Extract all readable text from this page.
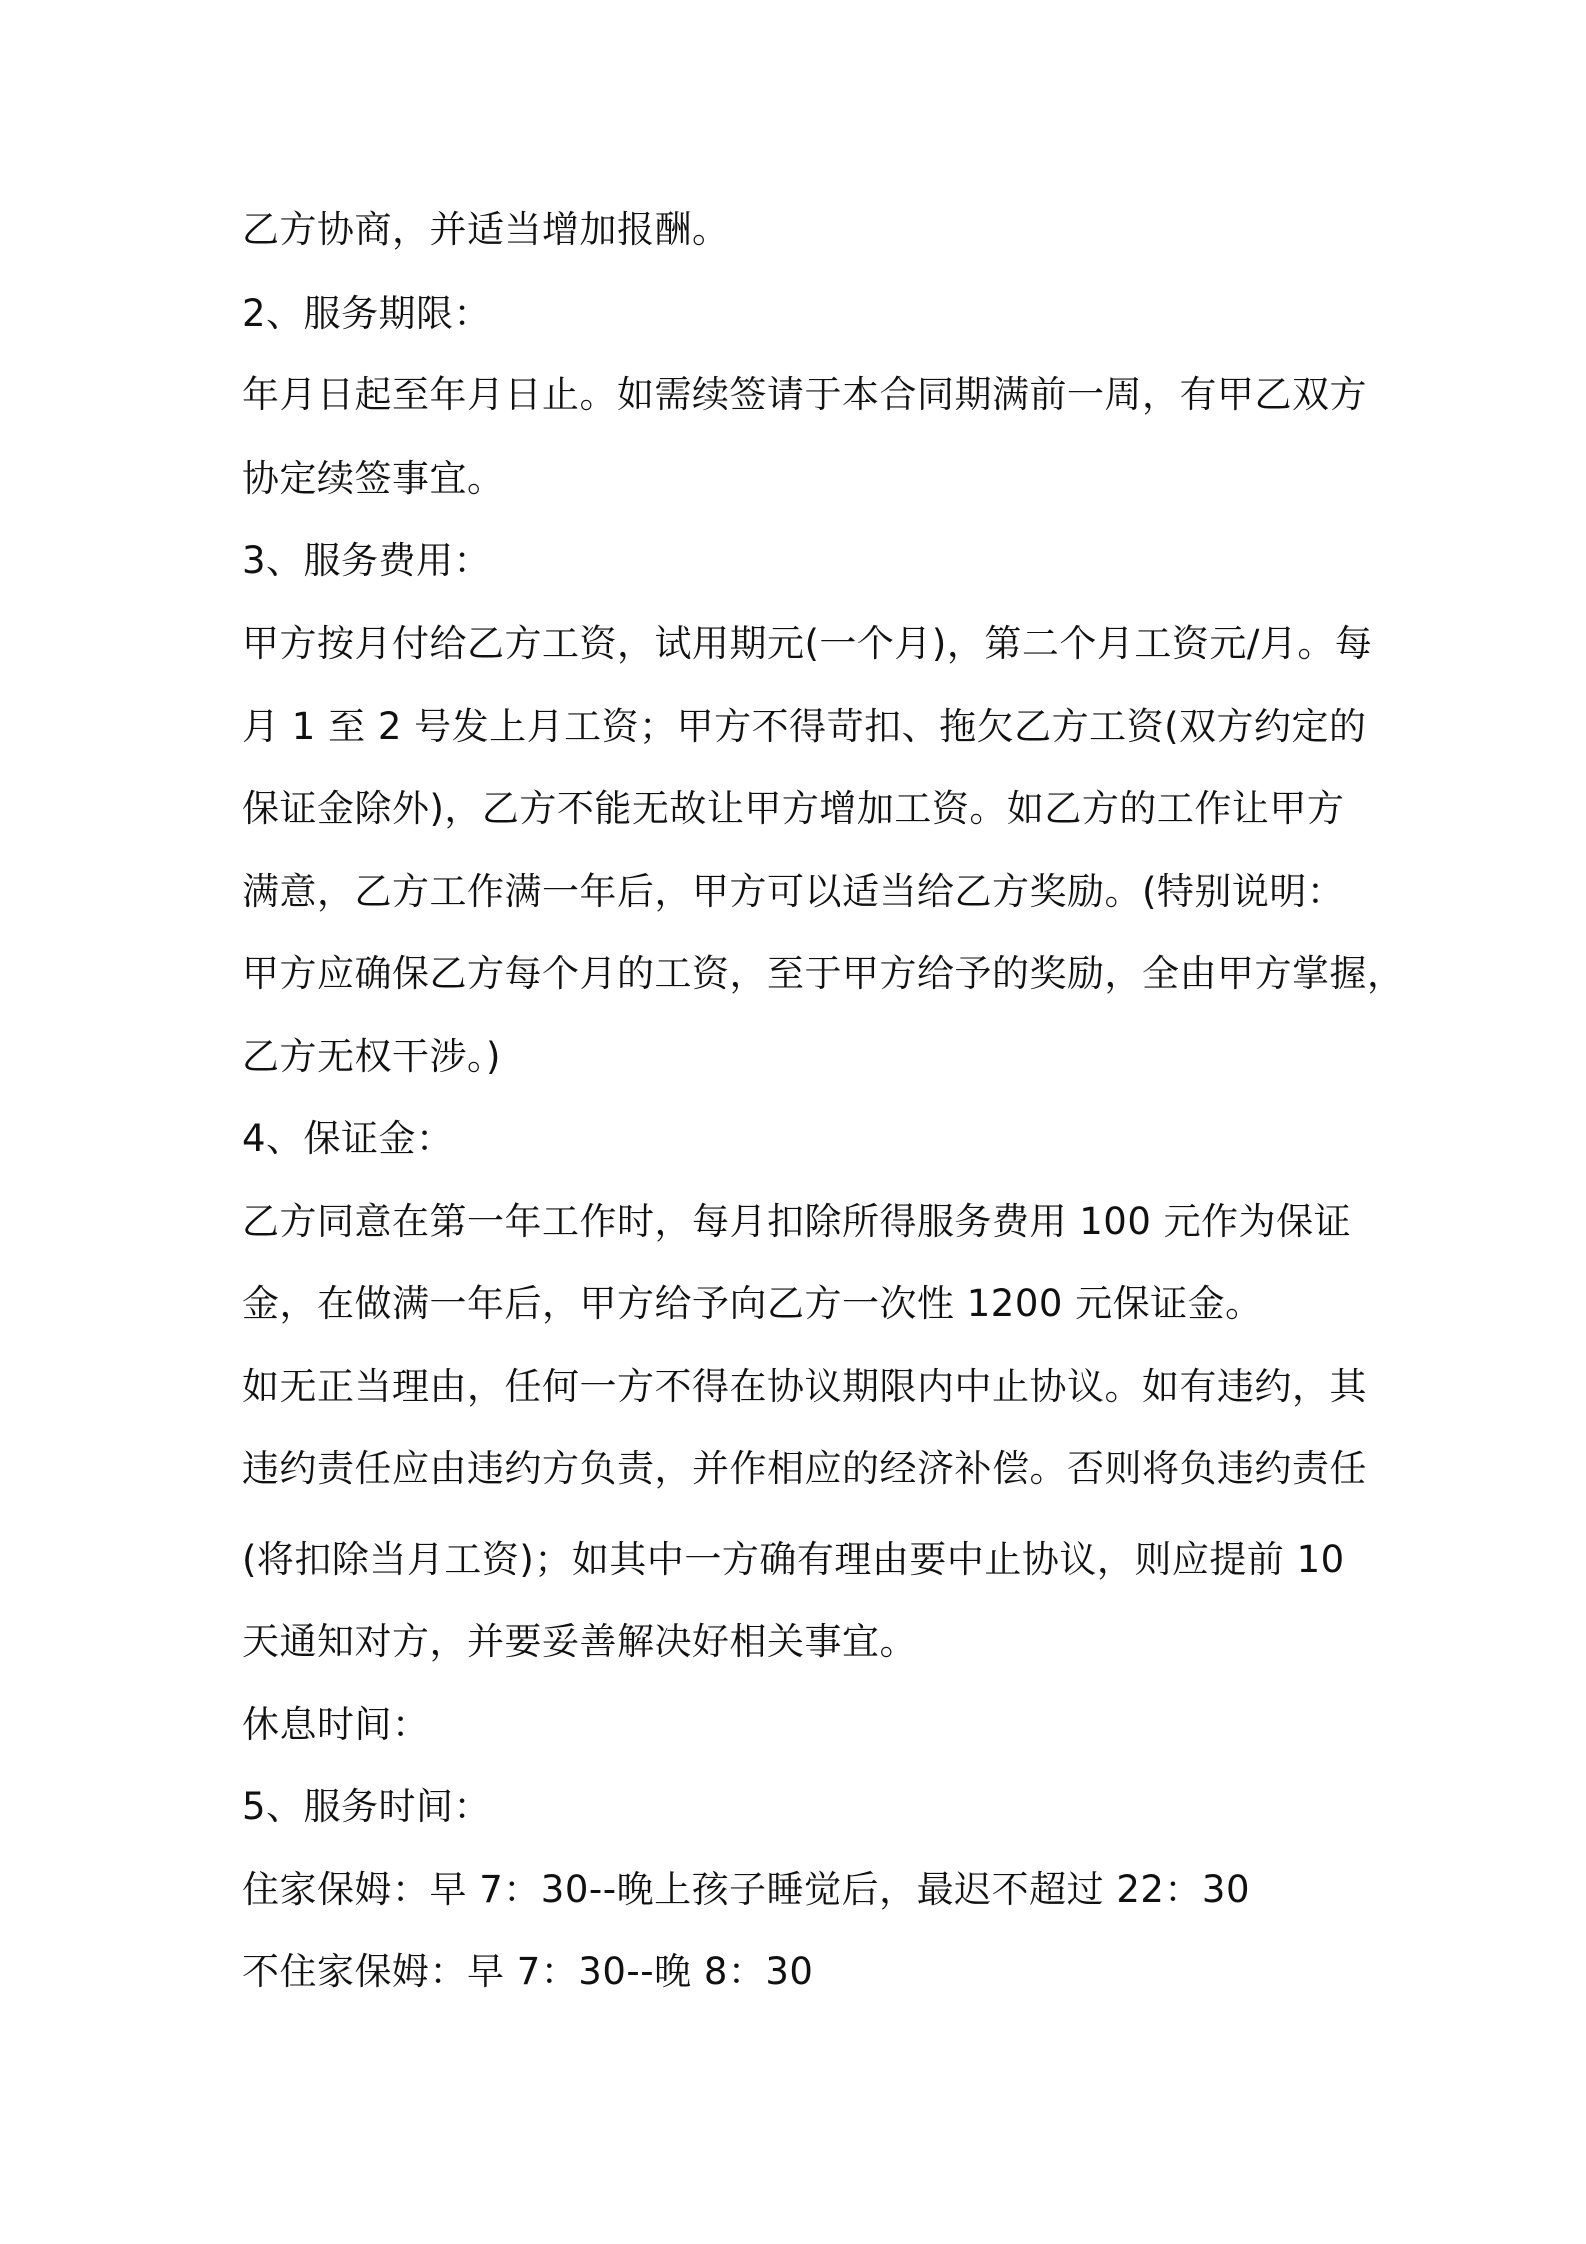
乙方协商，并适当增加报酬。
2、服务期限：
年月日起至年月日止。如需续签请于本合同期满前一周，有甲乙双方
协定续签事宜。
3、服务费用：
甲方按月付给乙方工资，试用期元(一个月)，第二个月工资元/月。每
月 1 至 2 号发上月工资；甲方不得苛扣、拖欠乙方工资(双方约定的
保证金除外)，乙方不能无故让甲方增加工资。如乙方的工作让甲方
满意，乙方工作满一年后，甲方可以适当给乙方奖励。(特别说明：
甲方应确保乙方每个月的工资，至于甲方给予的奖励，全由甲方掌握，
乙方无权干涉。)
4、保证金：
乙方同意在第一年工作时，每月扣除所得服务费用 100 元作为保证
金，在做满一年后，甲方给予向乙方一次性 1200 元保证金。
如无正当理由，任何一方不得在协议期限内中止协议。如有违约，其
违约责任应由违约方负责，并作相应的经济补偿。否则将负违约责任
(将扣除当月工资)；如其中一方确有理由要中止协议，则应提前 10
天通知对方，并要妥善解决好相关事宜。
休息时间：
5、服务时间：
住家保姆：早 7：30--晚上孩子睡觉后，最迟不超过 22：30
不住家保姆：早 7：30--晚 8：30
